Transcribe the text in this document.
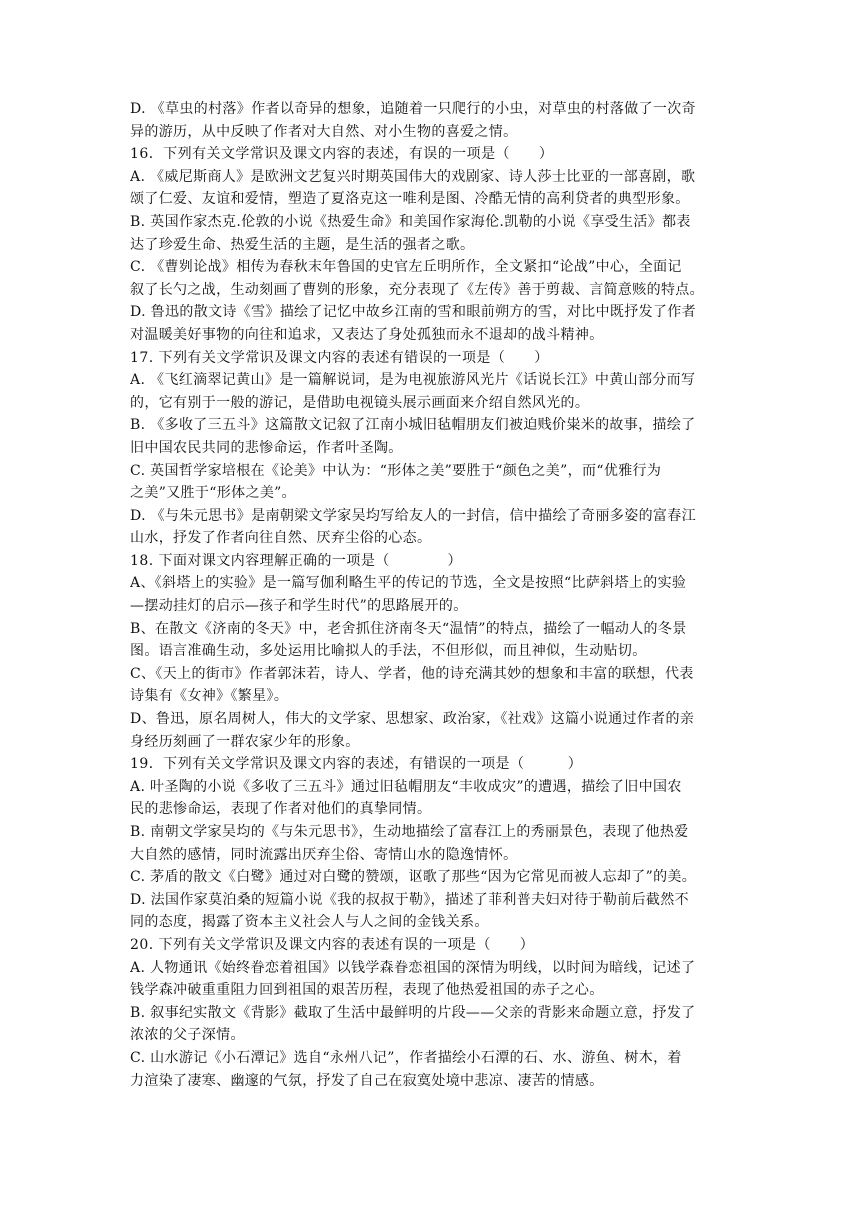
D. 《草虫的村落》作者以奇异的想象，追随着一只爬行的小虫，对草虫的村落做了一次奇
异的游历，从中反映了作者对大自然、对小生物的喜爱之情。
16．下列有关文学常识及课文内容的表述，有误的一项是（　　）
A. 《威尼斯商人》是欧洲文艺复兴时期英国伟大的戏剧家、诗人莎士比亚的一部喜剧，歌
颂了仁爱、友谊和爱情，塑造了夏洛克这一唯利是图、冷酷无情的高利贷者的典型形象。
B. 英国作家杰克.伦敦的小说《热爱生命》和美国作家海伦.凯勒的小说《享受生活》都表
达了珍爱生命、热爱生活的主题，是生活的强者之歌。
C. 《曹刿论战》相传为春秋末年鲁国的史官左丘明所作，全文紧扣“论战”中心，全面记
叙了长勺之战，生动刻画了曹刿的形象，充分表现了《左传》善于剪裁、言简意赅的特点。
D. 鲁迅的散文诗《雪》描绘了记忆中故乡江南的雪和眼前朔方的雪，对比中既抒发了作者
对温暖美好事物的向往和追求，又表达了身处孤独而永不退却的战斗精神。
17. 下列有关文学常识及课文内容的表述有错误的一项是（　　）
A. 《飞红滴翠记黄山》是一篇解说词，是为电视旅游风光片《话说长江》中黄山部分而写
的，它有别于一般的游记，是借助电视镜头展示画面来介绍自然风光的。
B. 《多收了三五斗》这篇散文记叙了江南小城旧毡帽朋友们被迫贱价粜米的故事，描绘了
旧中国农民共同的悲惨命运，作者叶圣陶。
C. 英国哲学家培根在《论美》中认为：“形体之美”要胜于“颜色之美”，而“优雅行为
之美”又胜于“形体之美”。
D. 《与朱元思书》是南朝梁文学家吴均写给友人的一封信，信中描绘了奇丽多姿的富春江
山水，抒发了作者向往自然、厌弃尘俗的心态。
18. 下面对课文内容理解正确的一项是（　　　　）
A、《斜塔上的实验》是一篇写伽利略生平的传记的节选，全文是按照“比萨斜塔上的实验
—摆动挂灯的启示—孩子和学生时代”的思路展开的。
B、在散文《济南的冬天》中，老舍抓住济南冬天“温情”的特点，描绘了一幅动人的冬景
图。语言准确生动，多处运用比喻拟人的手法，不但形似，而且神似，生动贴切。
C、《天上的街市》作者郭沫若，诗人、学者，他的诗充满其妙的想象和丰富的联想，代表
诗集有《女神》《繁星》。
D、鲁迅，原名周树人，伟大的文学家、思想家、政治家，《社戏》这篇小说通过作者的亲
身经历刻画了一群农家少年的形象。
19．下列有关文学常识及课文内容的表述，有错误的一项是（　　　）
A. 叶圣陶的小说《多收了三五斗》通过旧毡帽朋友“丰收成灾”的遭遇，描绘了旧中国农
民的悲惨命运，表现了作者对他们的真挚同情。
B. 南朝文学家吴均的《与朱元思书》，生动地描绘了富春江上的秀丽景色，表现了他热爱
大自然的感情，同时流露出厌弃尘俗、寄情山水的隐逸情怀。
C. 茅盾的散文《白鹭》通过对白鹭的赞颂，讴歌了那些“因为它常见而被人忘却了”的美。
D. 法国作家莫泊桑的短篇小说《我的叔叔于勒》，描述了菲利普夫妇对待于勒前后截然不
同的态度，揭露了资本主义社会人与人之间的金钱关系。
20. 下列有关文学常识及课文内容的表述有误的一项是（　　）
A. 人物通讯《始终眷恋着祖国》以钱学森眷恋祖国的深情为明线，以时间为暗线，记述了
钱学森冲破重重阻力回到祖国的艰苦历程，表现了他热爱祖国的赤子之心。
B. 叙事纪实散文《背影》截取了生活中最鲜明的片段——父亲的背影来命题立意，抒发了
浓浓的父子深情。
C. 山水游记《小石潭记》选自“永州八记”，作者描绘小石潭的石、水、游鱼、树木，着
力渲染了凄寒、幽邃的气氛，抒发了自己在寂寞处境中悲凉、凄苦的情感。
